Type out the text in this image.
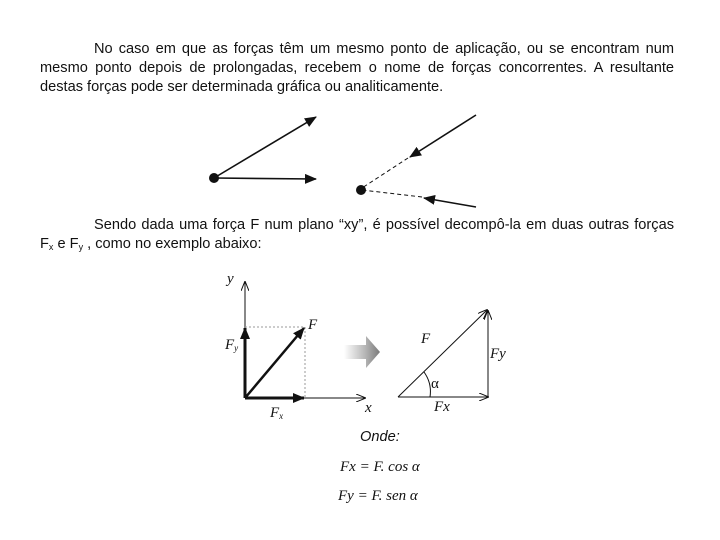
No caso em que as forças têm um mesmo ponto de aplicação, ou se encontram num mesmo ponto depois de prolongadas, recebem o nome de forças concorrentes. A resultante destas forças pode ser determinada gráfica ou analiticamente.

y
x
F
$F_y$
$F_x$
F
Fy
Fx
α

Sendo dada uma força F num plano “xy”, é possível decompô-la em duas outras forças $F_x$ e $F_y$ , como no exemplo abaixo:

Onde:
Fx = F. cos α
Fy = F. sen α
